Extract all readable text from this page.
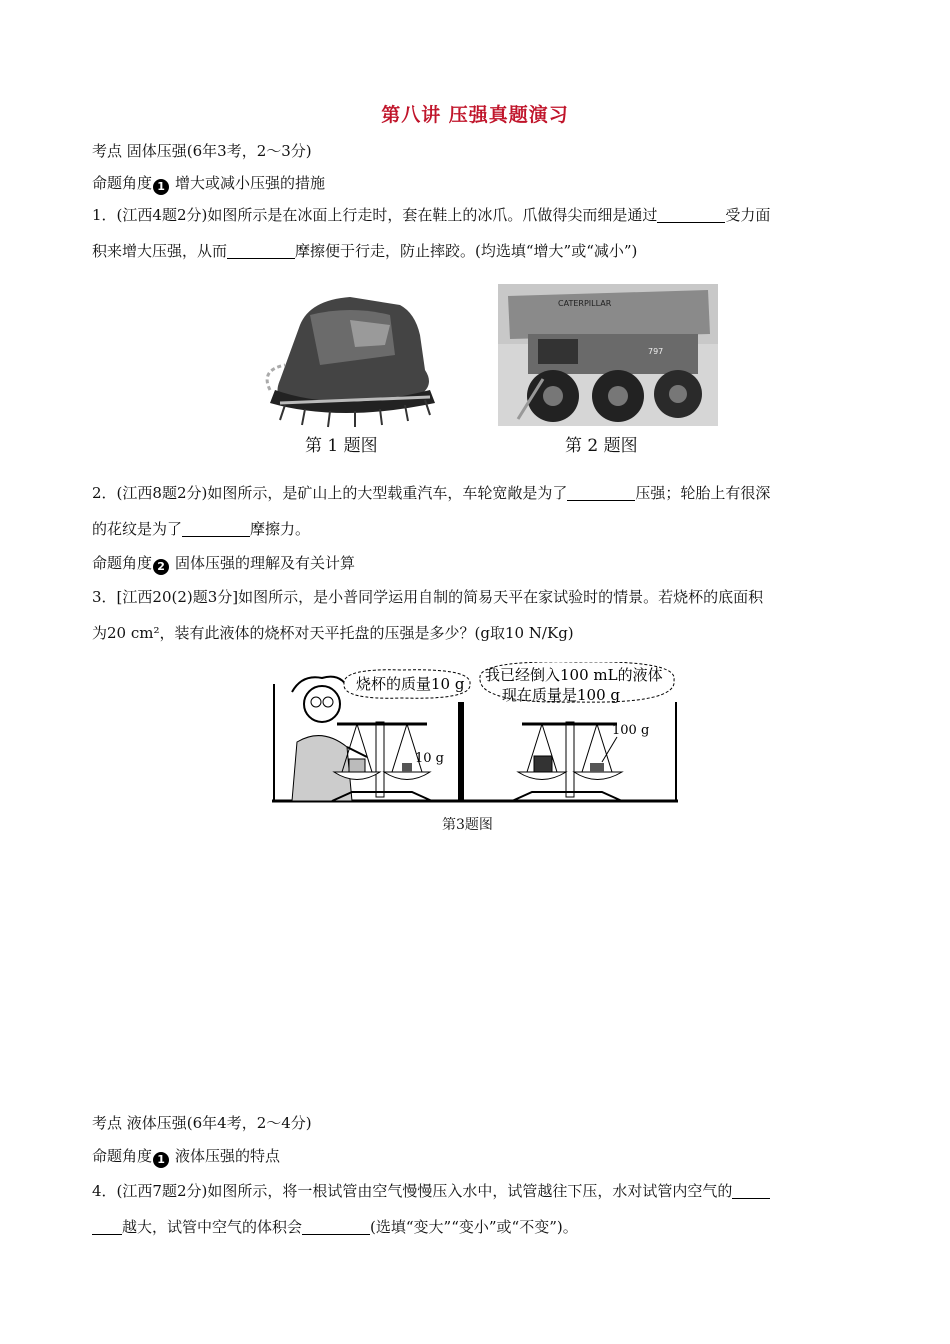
第八讲 压强真题演习
考点 固体压强(6年3考，2～3分)
命题角度 1 增大或减小压强的措施
1．(江西4题2分)如图所示是在冰面上行走时，套在鞋上的冰爪。爪做得尖而细是通过	受力面
积来增大压强，从而	摩擦便于行走，防止摔跤。(均选填“增大”或“减小”)
第 1 题图
CATERPILLAR
797
第 2 题图
2．(江西8题2分)如图所示，是矿山上的大型载重汽车，车轮宽敞是为了	压强；轮胎上有很深
的花纹是为了	摩擦力。
命题角度 2 固体压强的理解及有关计算
3．[江西20(2)题3分]如图所示，是小普同学运用自制的简易天平在家试验时的情景。若烧杯的底面积
为20 cm²，装有此液体的烧杯对天平托盘的压强是多少？(g取10 N/Kg)
烧杯的质量10 g 我已经倒入100 mL的液体
现在质量是100 g
10 g
100 g
第3题图
考点 液体压强(6年4考，2～4分)
命题角度 1 液体压强的特点
4．(江西7题2分)如图所示，将一根试管由空气慢慢压入水中，试管越往下压，水对试管内空气的
越大，试管中空气的体积会	(选填“变大”“变小”或“不变”)。
